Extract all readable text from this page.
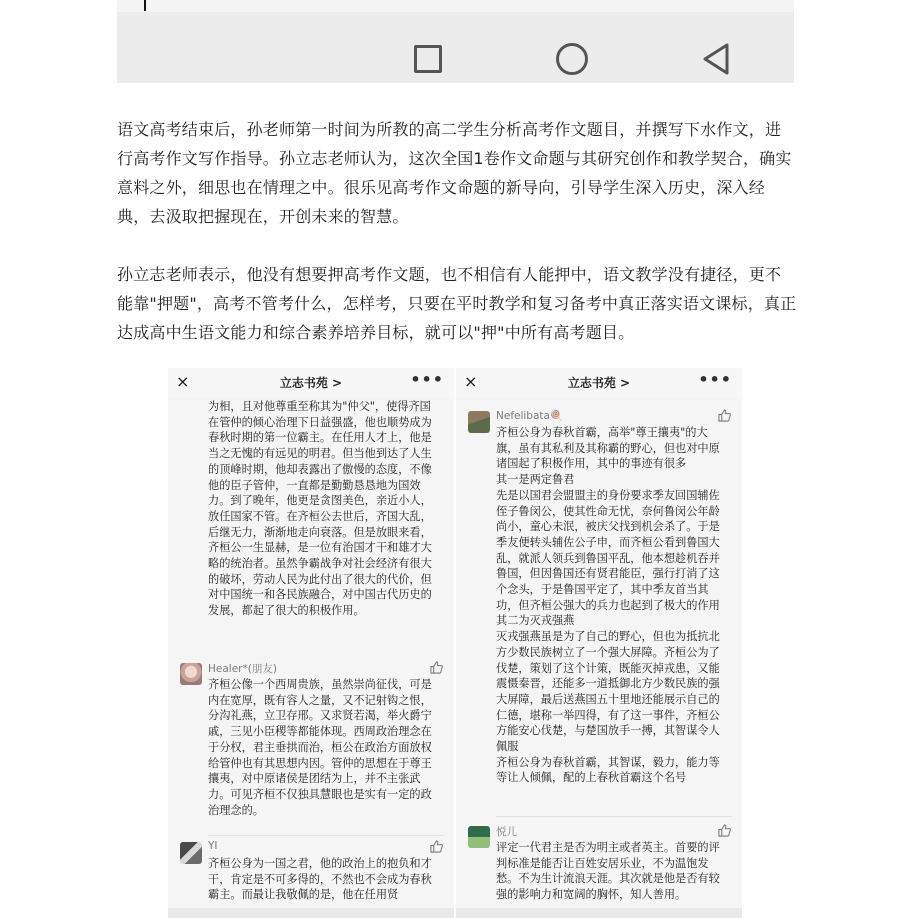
语文高考结束后，孙老师第一时间为所教的高二学生分析高考作文题目，并撰写下水作文，进行高考作文写作指导。孙立志老师认为，这次全国1卷作文命题与其研究创作和教学契合，确实意料之外，细思也在情理之中。很乐见高考作文命题的新导向，引导学生深入历史，深入经典，去汲取把握现在，开创未来的智慧。

孙立志老师表示，他没有想要押高考作文题，也不相信有人能押中，语文教学没有捷径，更不能靠"押题"，高考不管考什么，怎样考，只要在平时教学和复习备考中真正落实语文课标，真正达成高中生语文能力和综合素养培养目标，就可以"押"中所有高考题目。

×	立志书苑 >	•••
为相，且对他尊重至称其为"仲父"，使得齐国在管仲的倾心治理下日益强盛，他也顺势成为春秋时期的第一位霸主。在任用人才上，他是当之无愧的有远见的明君。但当他到达了人生的顶峰时期，他却表露出了傲慢的态度，不像他的臣子管仲，一直都是勤勤恳恳地为国效力。到了晚年，他更是贪图美色，亲近小人，放任国家不管。在齐桓公去世后，齐国大乱，后继无力，渐渐地走向衰落。但是放眼来看，齐桓公一生显赫，是一位有治国才干和雄才大略的统治者。虽然争霸战争对社会经济有很大的破坏，劳动人民为此付出了很大的代价，但对中国统一和各民族融合，对中国古代历史的发展，都起了很大的积极作用。
Healer*(朋友)
齐桓公像一个西周贵族，虽然崇尚征伐，可是内在宽厚，既有容人之量，又不记射钩之恨，分沟礼燕，立卫存邢。又求贤若渴，举火爵宁戚，三见小臣稷等都能体现。西周政治理念在于分权，君主垂拱而治，桓公在政治方面放权给管仲也有其思想内因。管仲的思想在于尊王攘夷，对中原诸侯是团结为上，并不主张武力。可见齐桓不仅独具慧眼也是实有一定的政治理念的。
YI
齐桓公身为一国之君，他的政治上的抱负和才干，肯定是不可多得的，不然也不会成为春秋霸主。而最让我敬佩的是，他在任用贤
×	立志书苑 >	•••
Nefelibata🍭
齐桓公身为春秋首霸，高举"尊王攘夷"的大旗，虽有其私利及其称霸的野心，但也对中原诸国起了积极作用，其中的事迹有很多
其一是两定鲁君
先是以国君会盟盟主的身份要求季友回国辅佐侄子鲁闵公，使其性命无忧，奈何鲁闵公年龄尚小，童心未泯，被庆父找到机会杀了。于是季友便转头辅佐公子申，而齐桓公看到鲁国大乱，就派人领兵到鲁国平乱，他本想趁机吞并鲁国，但因鲁国还有贤君能臣，强行打消了这个念头，于是鲁国平定了，其中季友首当其功，但齐桓公强大的兵力也起到了极大的作用
其二为灭戎强燕
灭戎强燕虽是为了自己的野心，但也为抵抗北方少数民族树立了一个强大屏障。齐桓公为了伐楚，策划了这个计策，既能灭掉戎患，又能震慑秦晋，还能多一道抵御北方少数民族的强大屏障，最后送燕国五十里地还能展示自己的仁德，堪称一举四得，有了这一事件，齐桓公方能安心伐楚，与楚国放手一搏，其智谋令人佩服
齐桓公身为春秋首霸，其智谋，毅力，能力等等让人倾佩，配的上春秋首霸这个名号
悦儿
评定一代君主是否为明主或者英主。首要的评判标准是能否让百姓安居乐业，不为温饱发愁。不为生计流浪天涯。其次就是他是否有较强的影响力和宽阔的胸怀，知人善用。
